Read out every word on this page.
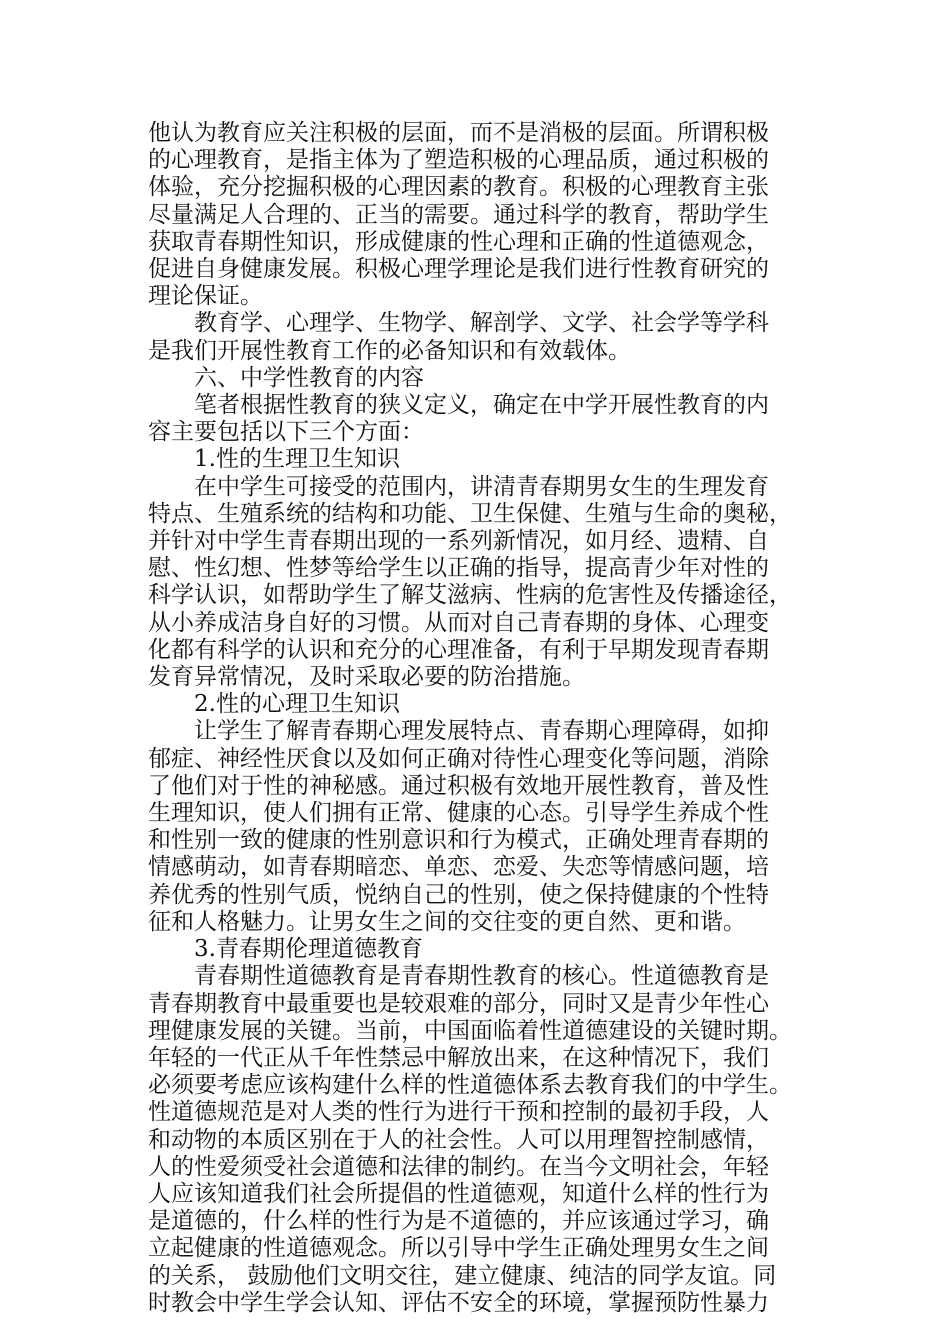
他认为教育应关注积极的层面，而不是消极的层面。所谓积极
的心理教育，是指主体为了塑造积极的心理品质，通过积极的
体验，充分挖掘积极的心理因素的教育。积极的心理教育主张
尽量满足人合理的、正当的需要。通过科学的教育，帮助学生
获取青春期性知识，形成健康的性心理和正确的性道德观念，
促进自身健康发展。积极心理学理论是我们进行性教育研究的
理论保证。

教育学、心理学、生物学、解剖学、文学、社会学等学科
是我们开展性教育工作的必备知识和有效载体。

六、中学性教育的内容

笔者根据性教育的狭义定义，确定在中学开展性教育的内
容主要包括以下三个方面：

1.性的生理卫生知识

在中学生可接受的范围内，讲清青春期男女生的生理发育
特点、生殖系统的结构和功能、卫生保健、生殖与生命的奥秘，
并针对中学生青春期出现的一系列新情况，如月经、遗精、自
慰、性幻想、性梦等给学生以正确的指导，提高青少年对性的
科学认识，如帮助学生了解艾滋病、性病的危害性及传播途径，
从小养成洁身自好的习惯。从而对自己青春期的身体、心理变
化都有科学的认识和充分的心理准备，有利于早期发现青春期
发育异常情况，及时采取必要的防治措施。

2.性的心理卫生知识

让学生了解青春期心理发展特点、青春期心理障碍，如抑
郁症、神经性厌食以及如何正确对待性心理变化等问题，消除
了他们对于性的神秘感。通过积极有效地开展性教育，普及性
生理知识，使人们拥有正常、健康的心态。引导学生养成个性
和性别一致的健康的性别意识和行为模式，正确处理青春期的
情感萌动，如青春期暗恋、单恋、恋爱、失恋等情感问题，培
养优秀的性别气质，悦纳自己的性别，使之保持健康的个性特
征和人格魅力。让男女生之间的交往变的更自然、更和谐。

3.青春期伦理道德教育

青春期性道德教育是青春期性教育的核心。性道德教育是
青春期教育中最重要也是较艰难的部分，同时又是青少年性心
理健康发展的关键。当前，中国面临着性道德建设的关键时期。
年轻的一代正从千年性禁忌中解放出来，在这种情况下，我们
必须要考虑应该构建什么样的性道德体系去教育我们的中学生。
性道德规范是对人类的性行为进行干预和控制的最初手段，人
和动物的本质区别在于人的社会性。人可以用理智控制感情，
人的性爱须受社会道德和法律的制约。在当今文明社会，年轻
人应该知道我们社会所提倡的性道德观，知道什么样的性行为
是道德的，什么样的性行为是不道德的，并应该通过学习，确
立起健康的性道德观念。所以引导中学生正确处理男女生之间
的关系， 鼓励他们文明交往，建立健康、纯洁的同学友谊。同
时教会中学生学会认知、评估不安全的环境，掌握预防性暴力
